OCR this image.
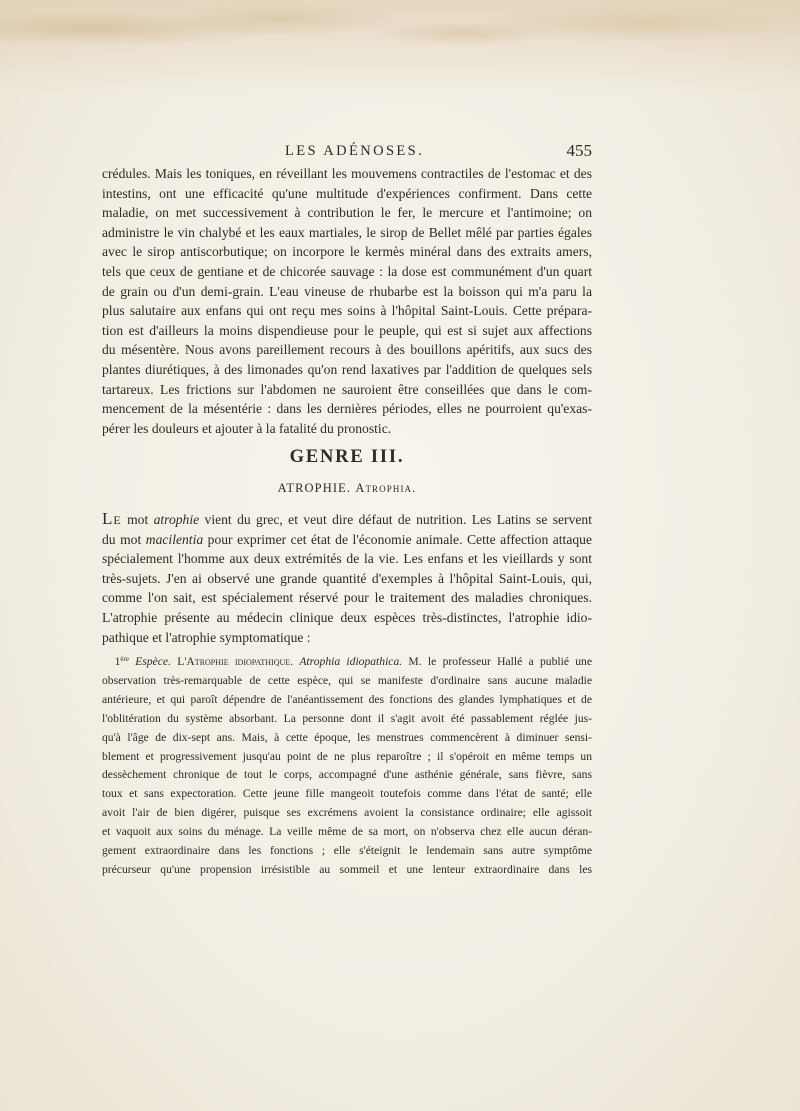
LES ADÉNOSES.	455

crédules. Mais les toniques, en réveillant les mouvemens contractiles de l'estomac et des
intestins, ont une efficacité qu'une multitude d'expériences confirment. Dans cette
maladie, on met successivement à contribution le fer, le mercure et l'antimoine; on
administre le vin chalybé et les eaux martiales, le sirop de Bellet mêlé par parties égales
avec le sirop antiscorbutique; on incorpore le kermès minéral dans des extraits amers,
tels que ceux de gentiane et de chicorée sauvage : la dose est communément d'un quart
de grain ou d'un demi-grain. L'eau vineuse de rhubarbe est la boisson qui m'a paru la
plus salutaire aux enfans qui ont reçu mes soins à l'hôpital Saint-Louis. Cette prépara-
tion est d'ailleurs la moins dispendieuse pour le peuple, qui est si sujet aux affections
du mésentère. Nous avons pareillement recours à des bouillons apéritifs, aux sucs des
plantes diurétiques, à des limonades qu'on rend laxatives par l'addition de quelques sels
tartareux. Les frictions sur l'abdomen ne sauroient être conseillées que dans le com-
mencement de la mésentérie : dans les dernières périodes, elles ne pourroient qu'exas-
pérer les douleurs et ajouter à la fatalité du pronostic.

GENRE III.
ATROPHIE. Atrophia.

Le mot atrophie vient du grec, et veut dire défaut de nutrition. Les Latins se servent
du mot macilentia pour exprimer cet état de l'économie animale. Cette affection attaque
spécialement l'homme aux deux extrémités de la vie. Les enfans et les vieillards y sont
très-sujets. J'en ai observé une grande quantité d'exemples à l'hôpital Saint-Louis, qui,
comme l'on sait, est spécialement réservé pour le traitement des maladies chroniques.
L'atrophie présente au médecin clinique deux espèces très-distinctes, l'atrophie idio-
pathique et l'atrophie symptomatique :

1ère Espèce. L'Atrophie idiopathique. Atrophia idiopathica. M. le professeur Hallé a publié une
observation très-remarquable de cette espèce, qui se manifeste d'ordinaire sans aucune maladie
antérieure, et qui paroît dépendre de l'anéantissement des fonctions des glandes lymphatiques et de
l'oblitération du système absorbant. La personne dont il s'agit avoit été passablement réglée jus-
qu'à l'âge de dix-sept ans. Mais, à cette époque, les menstrues commencèrent à diminuer sensi-
blement et progressivement jusqu'au point de ne plus reparoître ; il s'opéroit en même temps un
dessèchement chronique de tout le corps, accompagné d'une asthénie générale, sans fièvre, sans
toux et sans expectoration. Cette jeune fille mangeoit toutefois comme dans l'état de santé; elle
avoit l'air de bien digérer, puisque ses excrémens avoient la consistance ordinaire; elle agissoit
et vaquoit aux soins du ménage. La veille même de sa mort, on n'observa chez elle aucun déran-
gement extraordinaire dans les fonctions ; elle s'éteignit le lendemain sans autre symptôme
précurseur qu'une propension irrésistible au sommeil et une lenteur extraordinaire dans les
